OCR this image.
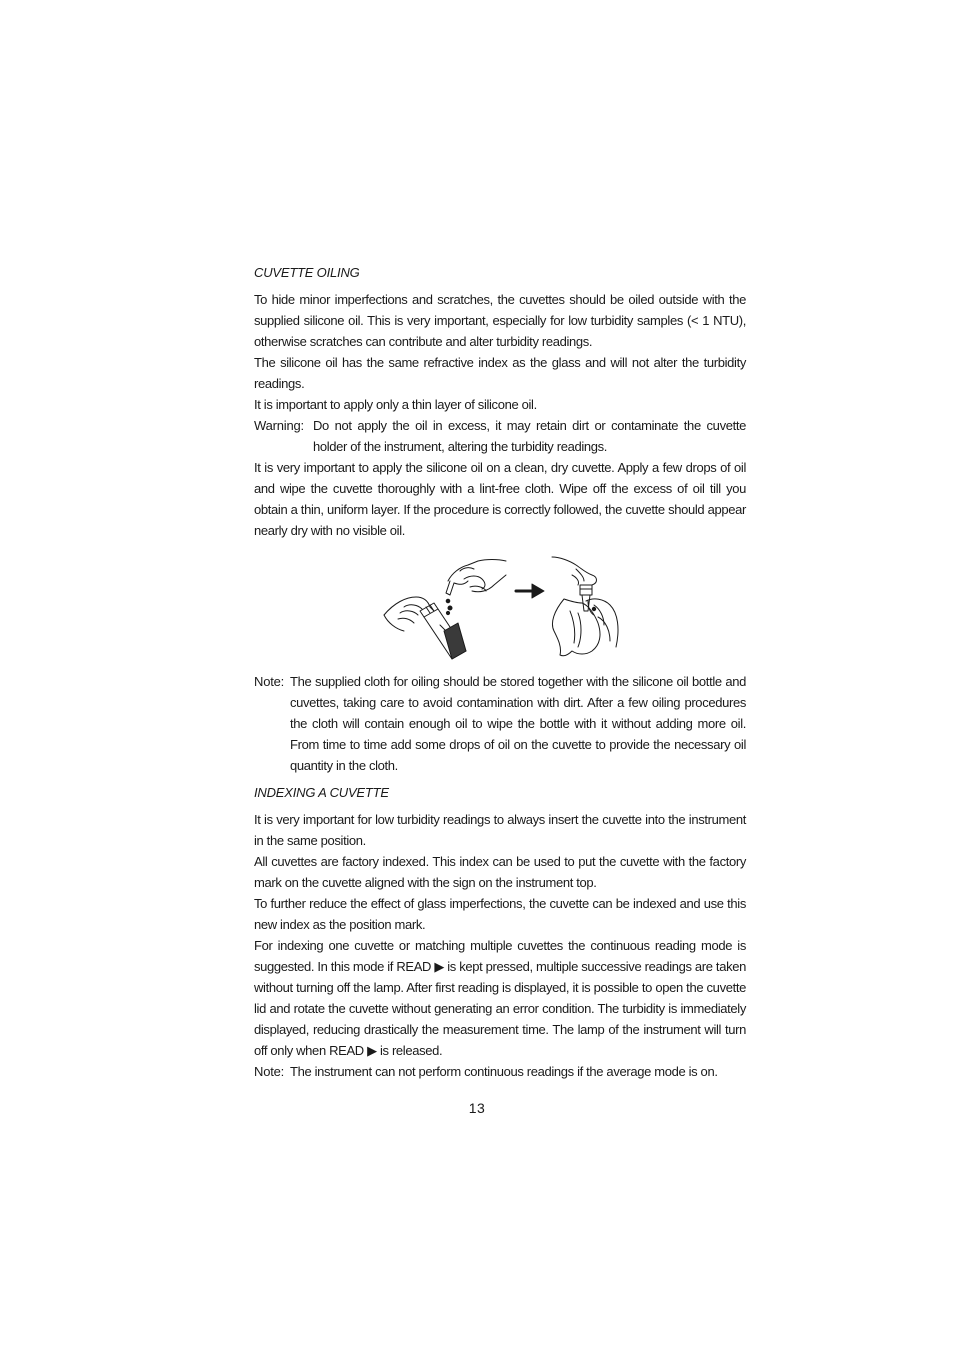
CUVETTE OILING

To hide minor imperfections and scratches, the cuvettes should be oiled outside with the supplied silicone oil. This is very important, especially for low turbidity samples (< 1 NTU), otherwise scratches can contribute and alter turbidity readings.

The silicone oil has the same refractive index as the glass and will not alter the turbidity readings.

It is important to apply only a thin layer of silicone oil.

Warning: Do not apply the oil in excess, it may retain dirt or contaminate the cuvette holder of the instrument, altering the turbidity readings.

It is very important to apply the silicone oil on a clean, dry cuvette. Apply a few drops of oil and wipe the cuvette thoroughly with a lint-free cloth. Wipe off the excess of oil till you obtain a thin, uniform layer. If the procedure is correctly followed, the cuvette should appear nearly dry with no visible oil.

Note: The supplied cloth for oiling should be stored together with the silicone oil bottle and cuvettes, taking care to avoid contamination with dirt. After a few oiling procedures the cloth will contain enough oil to wipe the bottle with it without adding more oil. From time to time add some drops of oil on the cuvette to provide the necessary oil quantity in the cloth.
INDEXING A CUVETTE

It is very important for low turbidity readings to always insert the cuvette into the instrument in the same position.

All cuvettes are factory indexed. This index can be used to put the cuvette with the factory mark on the cuvette aligned with the sign on the instrument top.

To further reduce the effect of glass imperfections, the cuvette can be indexed and use this new index as the position mark.

For indexing one cuvette or matching multiple cuvettes the continuous reading mode is suggested. In this mode if READ ▶ is kept pressed, multiple successive readings are taken without turning off the lamp. After first reading is displayed, it is possible to open the cuvette lid and rotate the cuvette without generating an error condition. The turbidity is immediately displayed, reducing drastically the measurement time. The lamp of the instrument will turn off only when READ ▶ is released.

Note: The instrument can not perform continuous readings if the average mode is on.
13
